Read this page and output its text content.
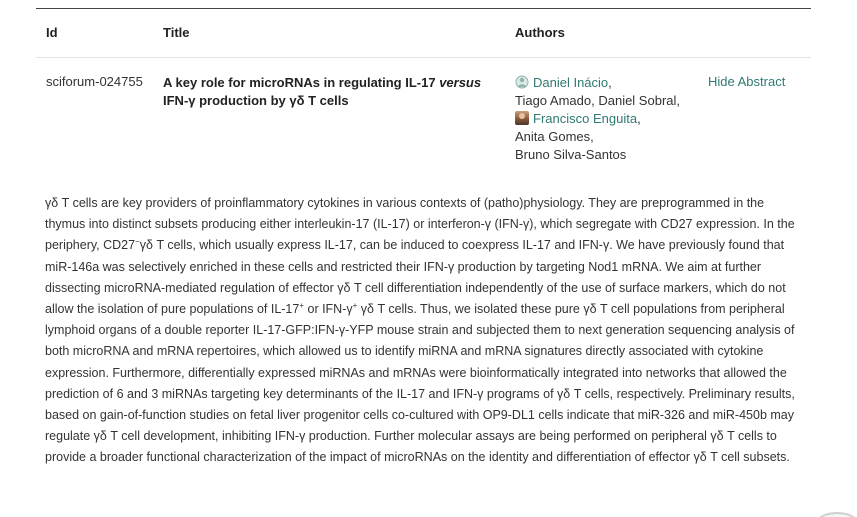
Id	Title	Authors
sciforum-024755 A key role for microRNAs in regulating IL-17 versus IFN-γ production by γδ T cells
Daniel Inácio,
Tiago Amado, Daniel Sobral,
Francisco Enguita,
Anita Gomes,
Bruno Silva-Santos
Hide Abstract
γδ T cells are key providers of proinflammatory cytokines in various contexts of (patho)physiology. They are preprogrammed in the thymus into distinct subsets producing either interleukin-17 (IL-17) or interferon-γ (IFN-γ), which segregate with CD27 expression. In the periphery, CD27−γδ T cells, which usually express IL-17, can be induced to coexpress IL-17 and IFN-γ. We have previously found that miR-146a was selectively enriched in these cells and restricted their IFN-γ production by targeting Nod1 mRNA. We aim at further dissecting microRNA-mediated regulation of effector γδ T cell differentiation independently of the use of surface markers, which do not allow the isolation of pure populations of IL-17+ or IFN-γ+ γδ T cells. Thus, we isolated these pure γδ T cell populations from peripheral lymphoid organs of a double reporter IL-17-GFP:IFN-γ-YFP mouse strain and subjected them to next generation sequencing analysis of both microRNA and mRNA repertoires, which allowed us to identify miRNA and mRNA signatures directly associated with cytokine expression. Furthermore, differentially expressed miRNAs and mRNAs were bioinformatically integrated into networks that allowed the prediction of 6 and 3 miRNAs targeting key determinants of the IL-17 and IFN-γ programs of γδ T cells, respectively. Preliminary results, based on gain-of-function studies on fetal liver progenitor cells co-cultured with OP9-DL1 cells indicate that miR-326 and miR-450b may regulate γδ T cell development, inhibiting IFN-γ production. Further molecular assays are being performed on peripheral γδ T cells to provide a broader functional characterization of the impact of microRNAs on the identity and differentiation of effector γδ T cell subsets.
